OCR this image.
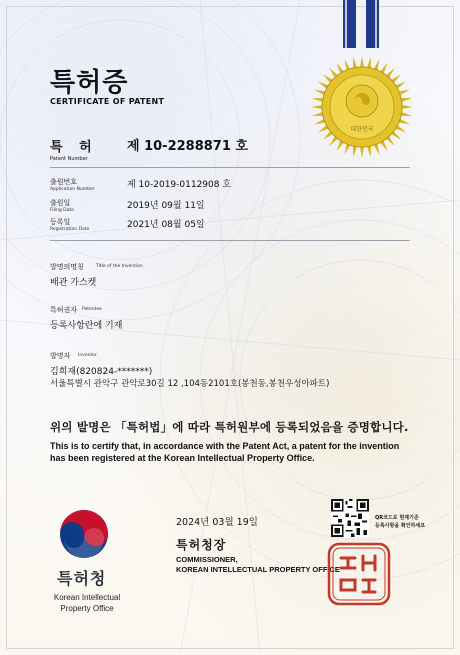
대한민국
특허증
CERTIFICATE OF PATENT
특 허
Patent Number
제 10-2288871 호
출원번호
Application Number	제 10-2019-0112908 호
출원일
Filing Date	2019년 09월 11일
등록일
Registration Date	2021년 08월 05일
발명의명칭	Title of the Invention
배관 가스켓
특허권자 Patentee
등록사항란에 기재
발명자 Inventor
김희재(820824-*******)
서울특별시 관악구 관악로30길 12 ,104동2101호(봉천동,봉천우성아파트)
위의 발명은 「특허법」에 따라 특허원부에 등록되었음을 증명합니다.
This is to certify that, in accordance with the Patent Act, a patent for the invention
has been registered at the Korean Intellectual Property Office.
특허청
Korean Intellectual
Property Office
2024년 03월 19일
특허청장
COMMISSIONER,
KOREAN INTELLECTUAL PROPERTY OFFICE
QR코드로 현재기준
등록사항을 확인하세요
